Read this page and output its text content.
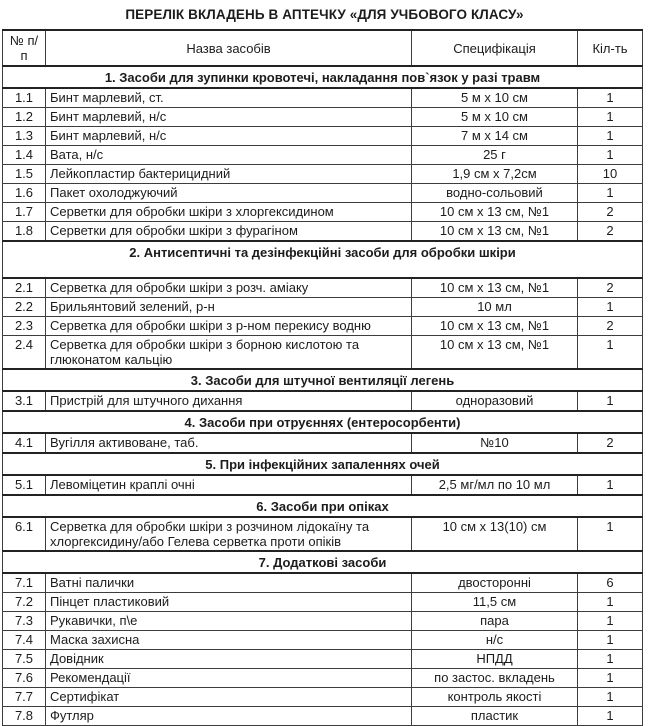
ПЕРЕЛІК ВКЛАДЕНЬ В АПТЕЧКУ «ДЛЯ УЧБОВОГО КЛАСУ»
№ п/п	Назва засобів	Специфікація	Кіл-ть
1. Засоби для зупинки кровотечі, накладання пов`язок у разі травм			
1.1	Бинт марлевий, ст.	5 м х 10 см	1
1.2	Бинт марлевий, н/с	5 м х 10 см	1
1.3	Бинт марлевий, н/с	7 м х 14 см	1
1.4	Вата, н/с	25 г	1
1.5	Лейкопластир бактерицидний	1,9 см х 7,2см	10
1.6	Пакет охолоджуючий	водно-сольовий	1
1.7	Серветки для обробки шкіри з хлоргексидином	10 см х 13 см, №1	2
1.8	Серветки для обробки шкіри з фурагіном	10 см х 13 см, №1	2
2. Антисептичні та дезінфекційні засоби для обробки шкіри			
2.1	Серветка для обробки шкіри з розч. аміаку	10 см х 13 см, №1	2
2.2	Брильянтовий зелений, р-н	10 мл	1
2.3	Серветка для обробки шкіри з р-ном перекису водню	10 см х 13 см, №1	2
2.4	Серветка для обробки шкіри з борною кислотою та глюконатом кальцію	10 см х 13 см, №1	1
3. Засоби для штучної вентиляції легень			
3.1	Пристрій для штучного дихання	одноразовий	1
4. Засоби при отруєннях (ентеросорбенти)			
4.1	Вугілля активоване, таб.	№10	2
5. При інфекційних запаленнях очей			
5.1	Левоміцетин краплі очні	2,5 мг/мл по 10 мл	1
6. Засоби при опіках			
6.1	Серветка для обробки шкіри з розчином лідокаїну та хлоргексидину/або Гелева серветка проти опіків	10 см х 13(10) см	1
7. Додаткові засоби			
7.1	Ватні палички	двосторонні	6
7.2	Пінцет пластиковий	11,5 см	1
7.3	Рукавички, п\е	пара	1
7.4	Маска захисна	н/с	1
7.5	Довідник	НПДД	1
7.6	Рекомендації	по застос. вкладень	1
7.7	Сертифікат	контроль якості	1
7.8	Футляр	пластик	1
